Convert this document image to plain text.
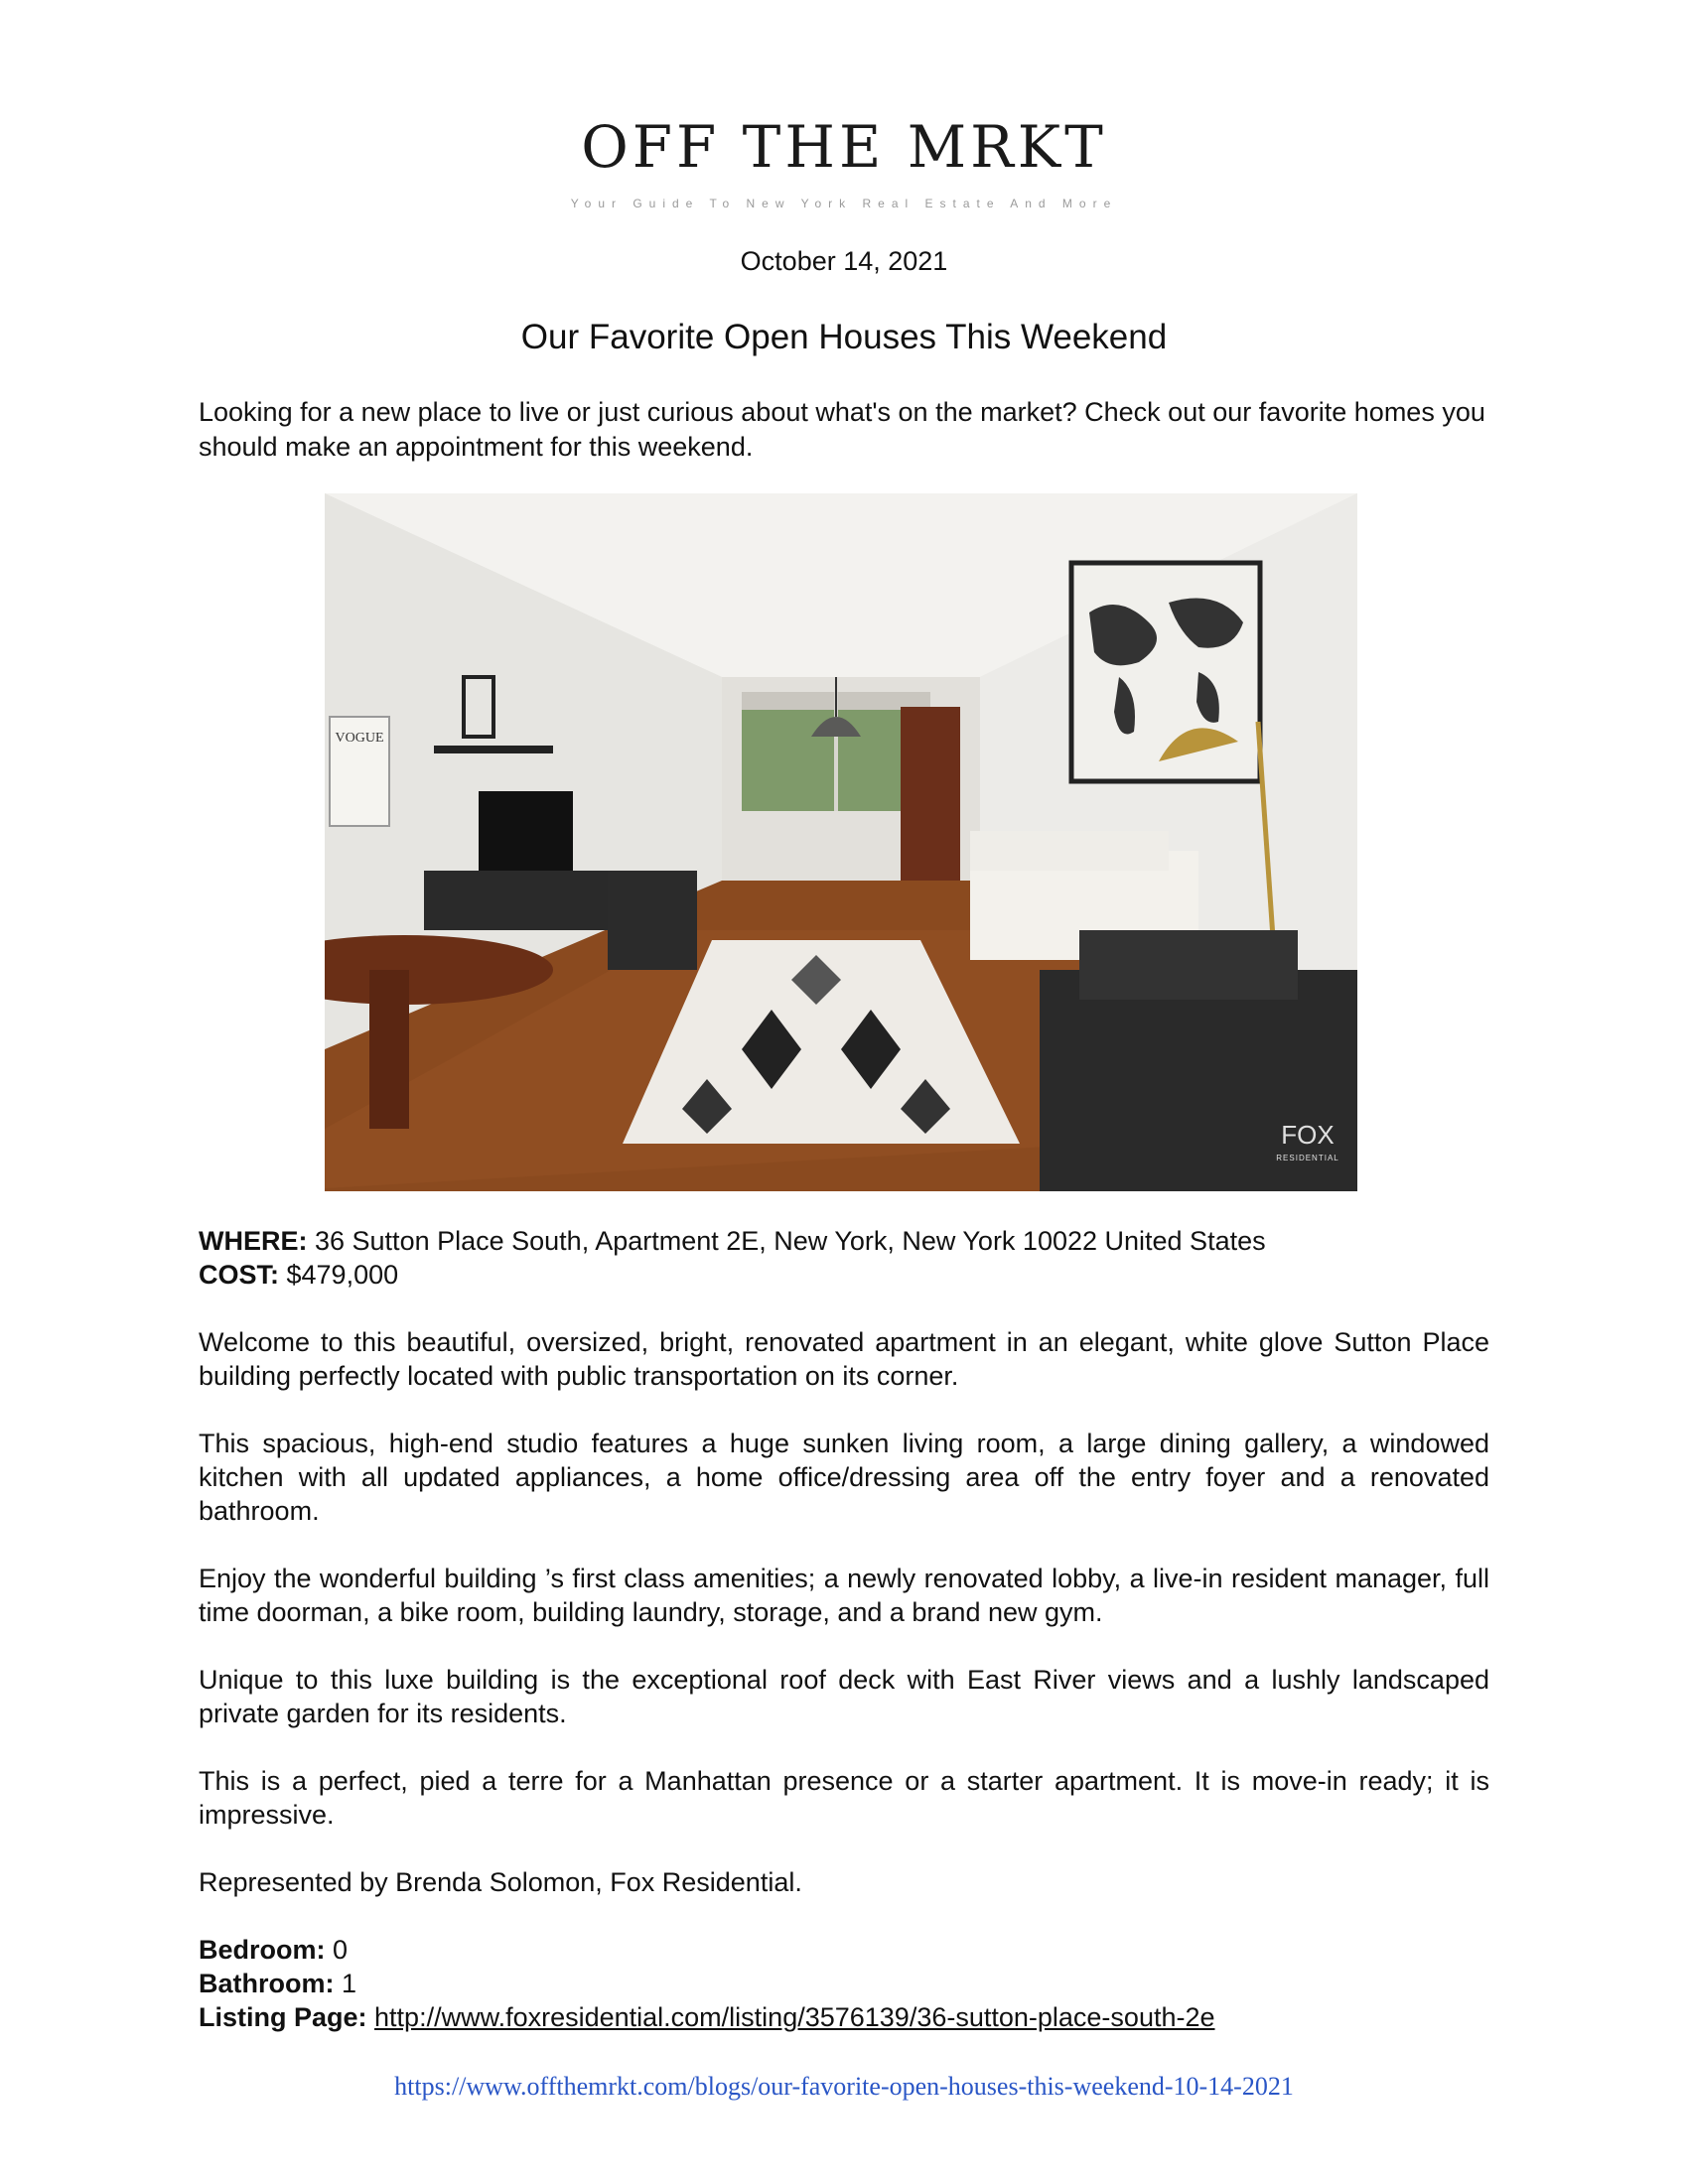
OFF THE MRKT
Your Guide To New York Real Estate And More
October 14, 2021
Our Favorite Open Houses This Weekend
Looking for a new place to live or just curious about what's on the market? Check out our favorite homes you should make an appointment for this weekend.
VOGUE
FOX
RESIDENTIAL
WHERE: 36 Sutton Place South, Apartment 2E, New York, New York 10022 United States
COST: $479,000

Welcome to this beautiful, oversized, bright, renovated apartment in an elegant, white glove Sutton Place building perfectly located with public transportation on its corner.

This spacious, high-end studio features a huge sunken living room, a large dining gallery, a windowed kitchen with all updated appliances, a home office/dressing area off the entry foyer and a renovated bathroom.

Enjoy the wonderful building ’s first class amenities; a newly renovated lobby, a live-in resident manager, full time doorman, a bike room, building laundry, storage, and a brand new gym.

Unique to this luxe building is the exceptional roof deck with East River views and a lushly landscaped private garden for its residents.

This is a perfect, pied a terre for a Manhattan presence or a starter apartment. It is move-in ready; it is impressive.

Represented by Brenda Solomon, Fox Residential.

Bedroom: 0
Bathroom: 1
Listing Page: http://www.foxresidential.com/listing/3576139/36-sutton-place-south-2e
https://www.offthemrkt.com/blogs/our-favorite-open-houses-this-weekend-10-14-2021
